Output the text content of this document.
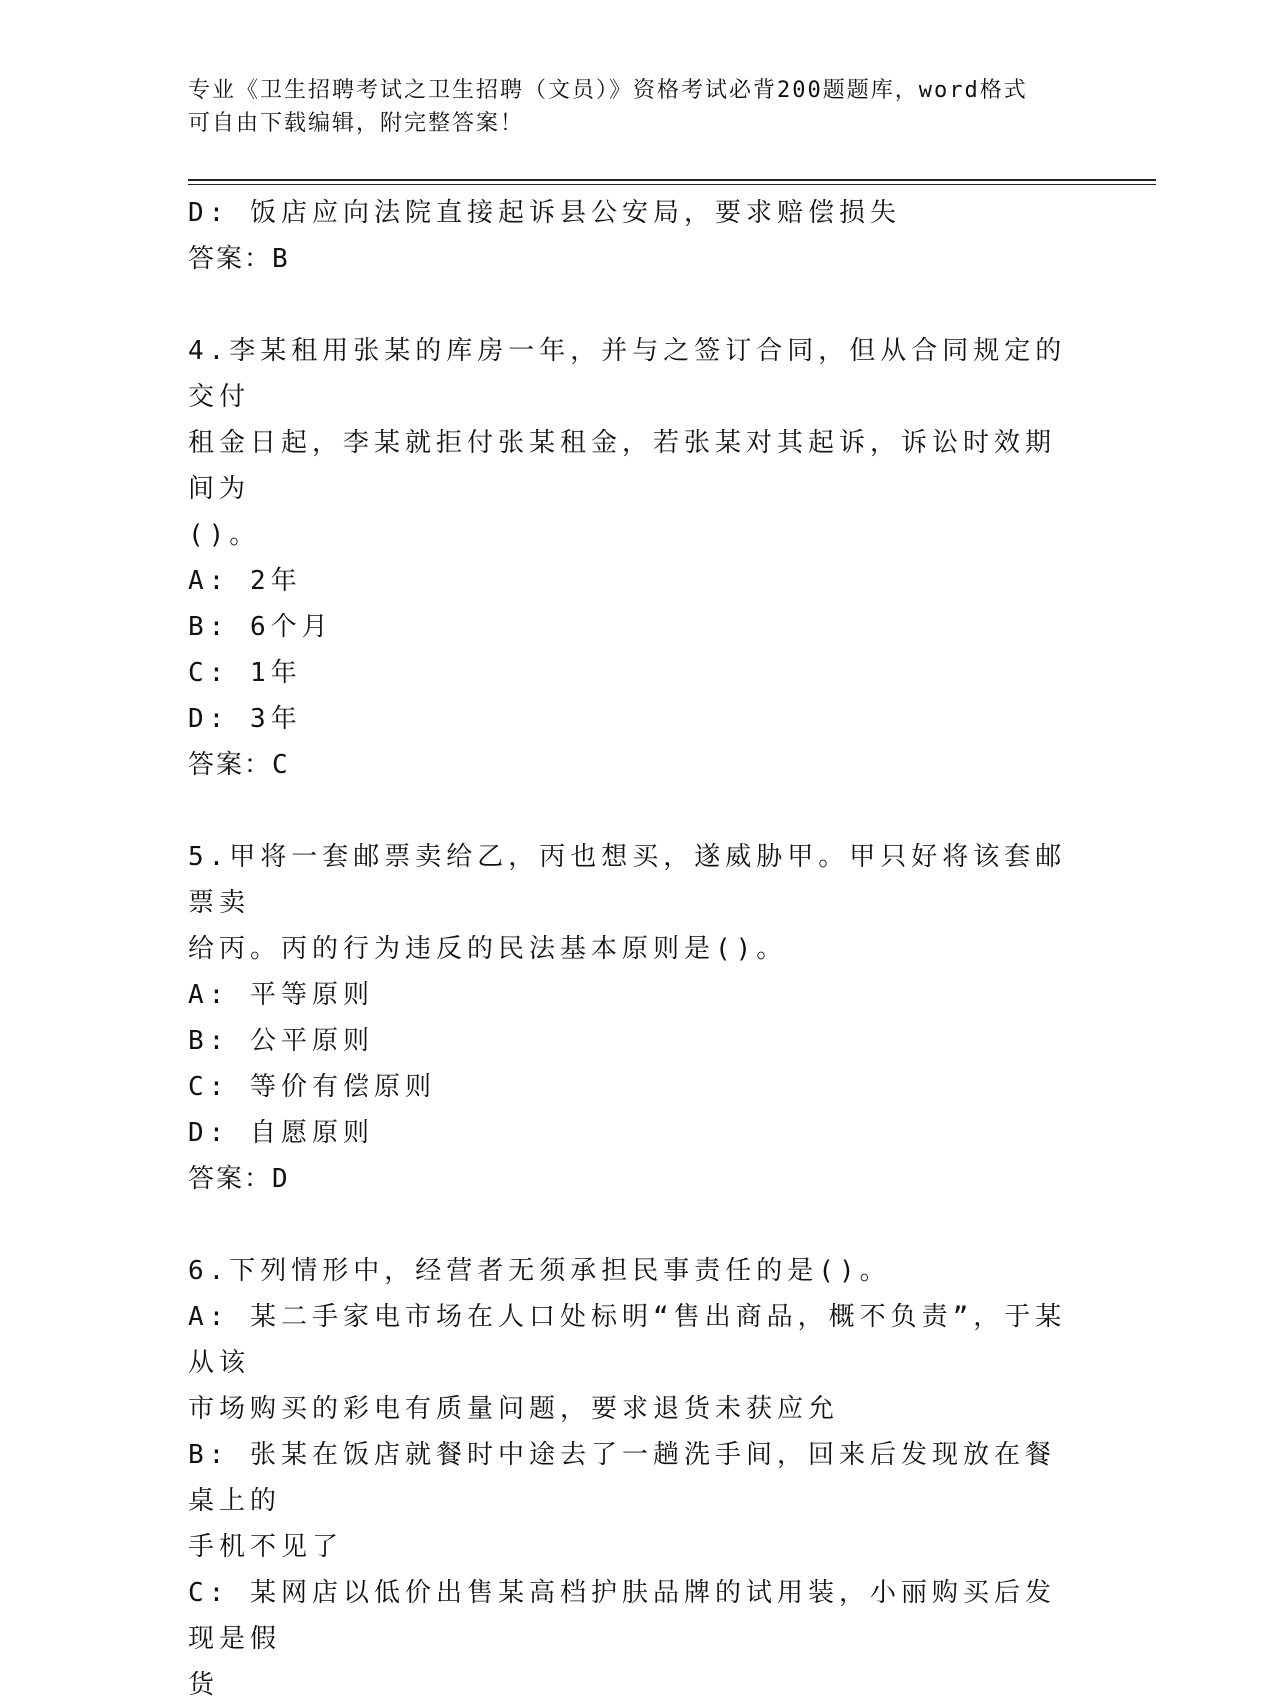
专业《卫生招聘考试之卫生招聘（文员）》资格考试必背200题题库，word格式
可自由下载编辑，附完整答案！

D: 饭店应向法院直接起诉县公安局，要求赔偿损失

答案：B

4.李某租用张某的库房一年，并与之签订合同，但从合同规定的交付

租金日起，李某就拒付张某租金，若张某对其起诉，诉讼时效期间为

()。

A: 2年

B: 6个月

C: 1年

D: 3年

答案：C

5.甲将一套邮票卖给乙，丙也想买，遂威胁甲。甲只好将该套邮票卖

给丙。丙的行为违反的民法基本原则是()。

A: 平等原则

B: 公平原则

C: 等价有偿原则

D: 自愿原则

答案：D

6.下列情形中，经营者无须承担民事责任的是()。

A: 某二手家电市场在人口处标明“售出商品，概不负责”，于某从该

市场购买的彩电有质量问题，要求退货未获应允

B: 张某在饭店就餐时中途去了一趟洗手间，回来后发现放在餐桌上的

手机不见了

C: 某网店以低价出售某高档护肤品牌的试用装，小丽购买后发现是假

货
